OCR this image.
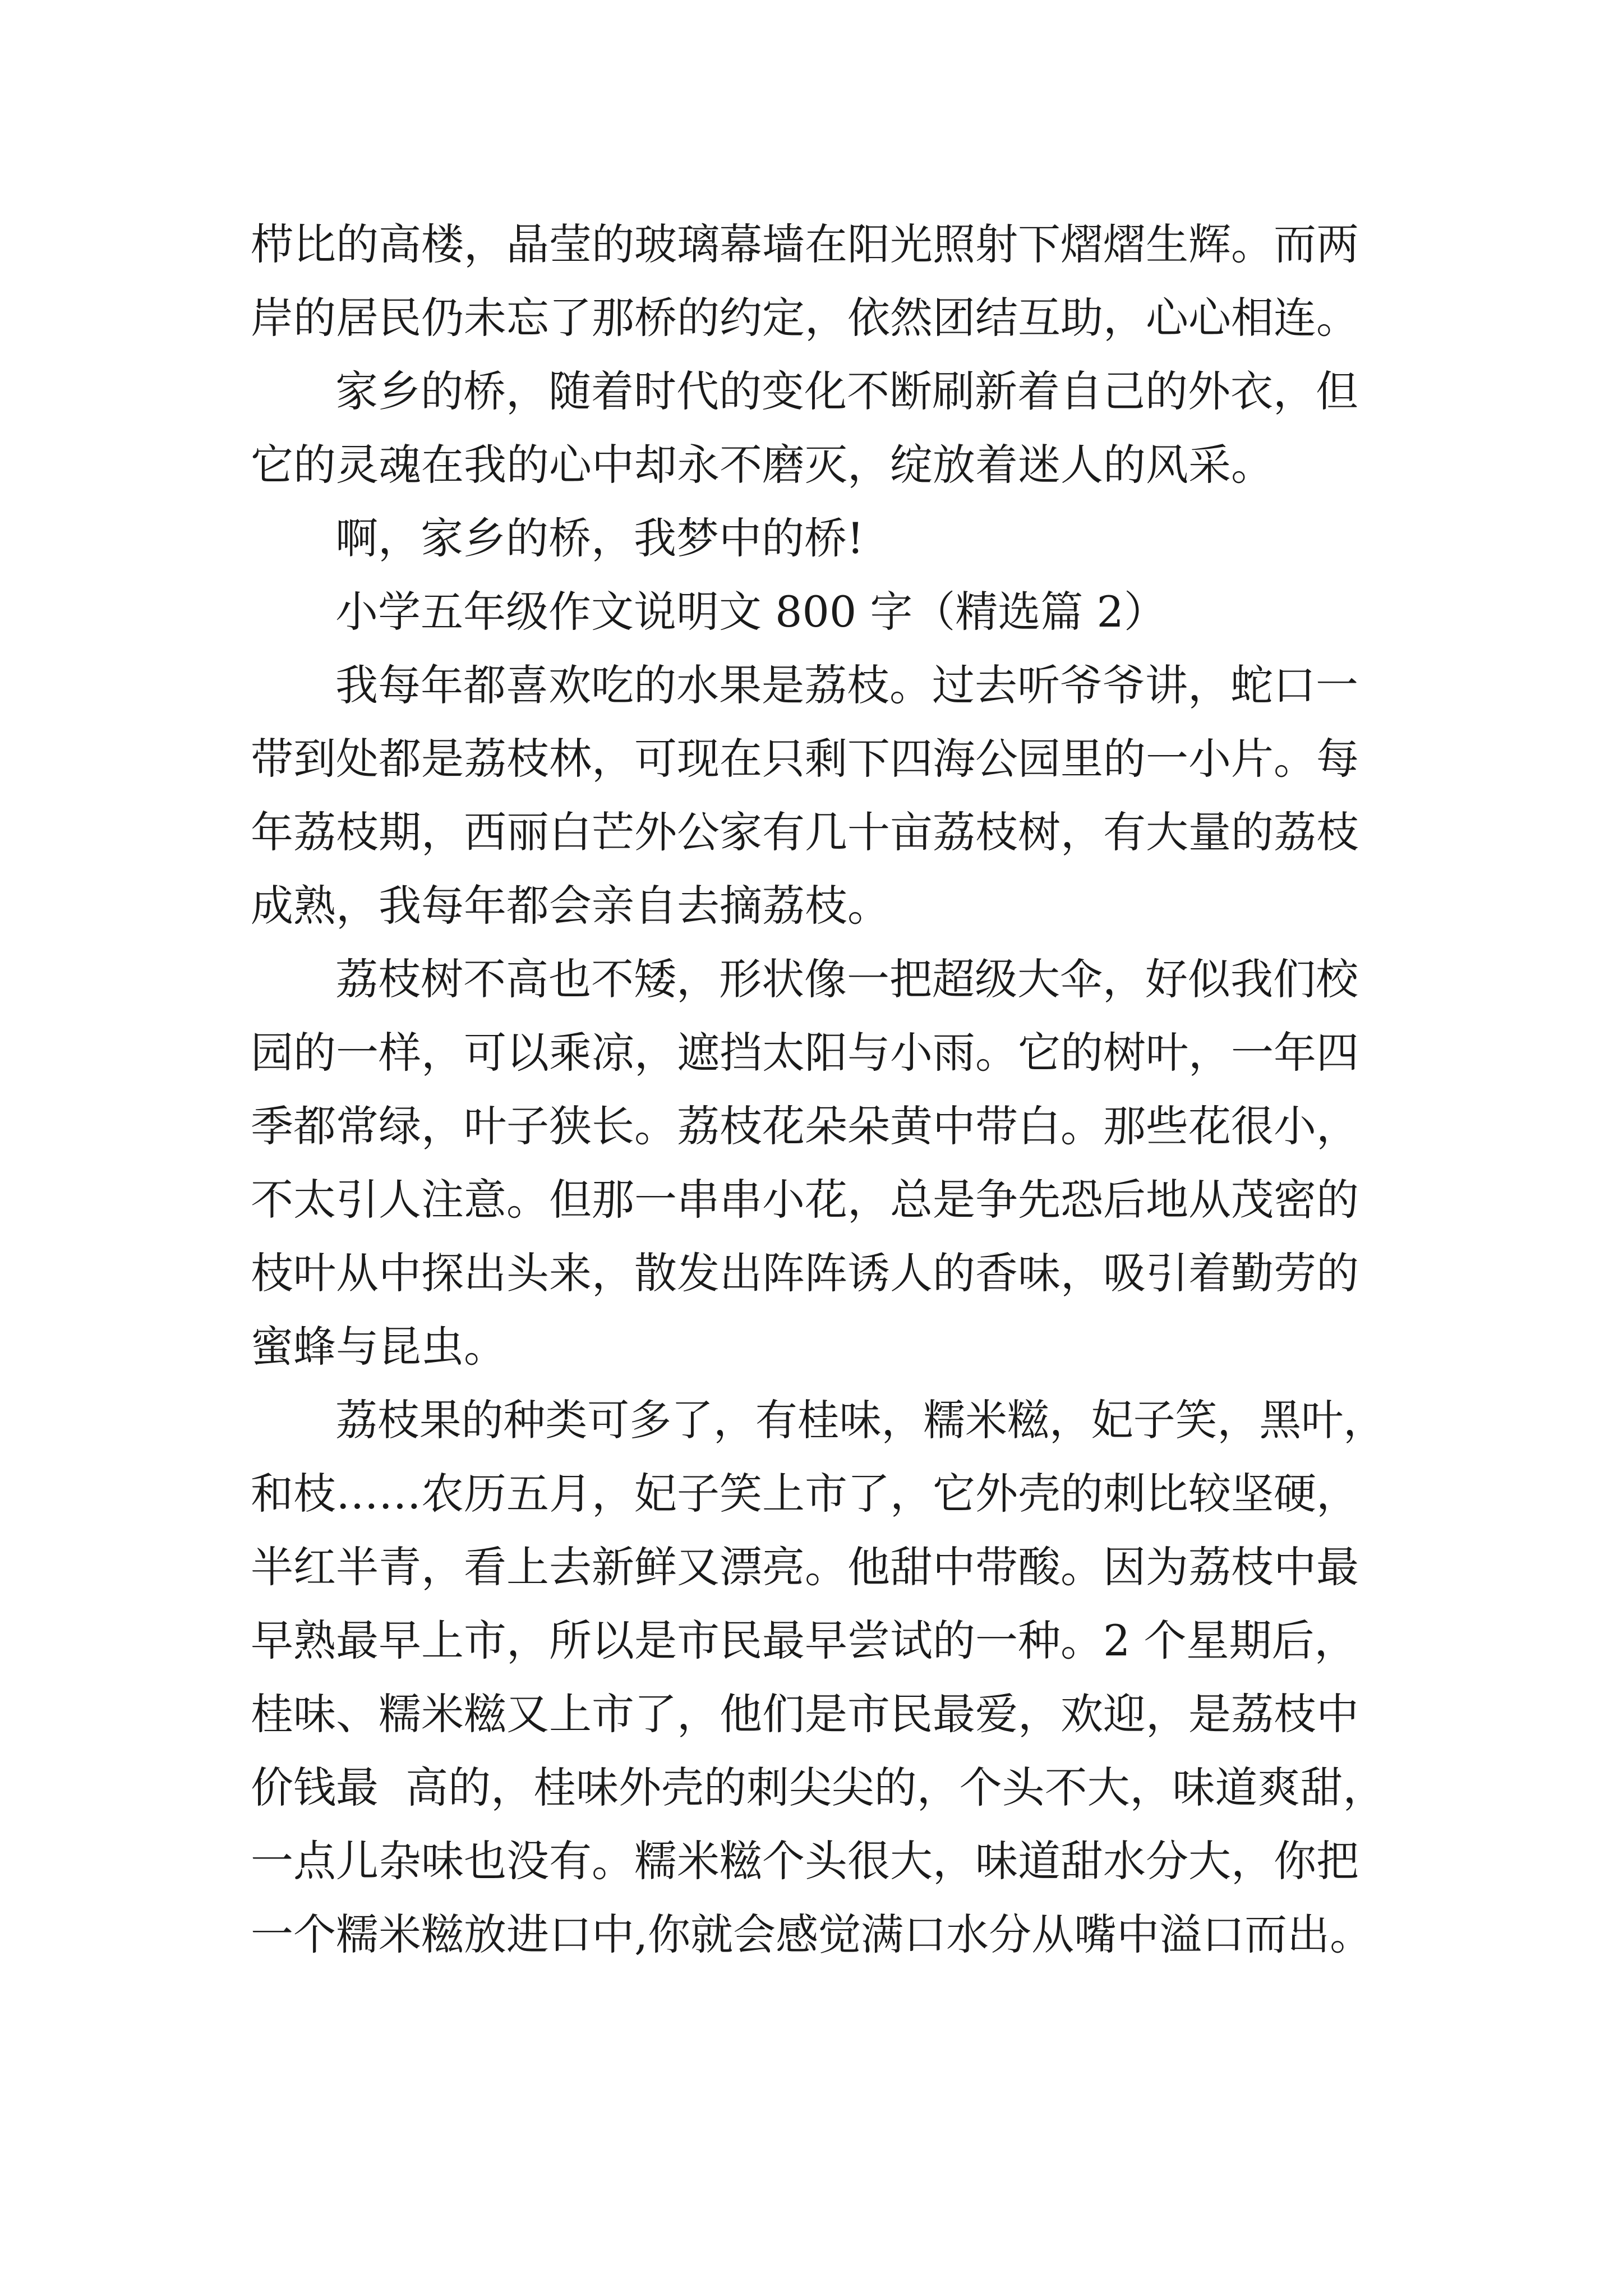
栉比的高楼，晶莹的玻璃幕墙在阳光照射下熠熠生辉。而两

岸的居民仍未忘了那桥的约定，依然团结互助，心心相连。

家乡的桥，随着时代的变化不断刷新着自己的外衣，但

它的灵魂在我的心中却永不磨灭，绽放着迷人的风采。

啊，家乡的桥，我梦中的桥!

小学五年级作文说明文 800 字（精选篇 2）

我每年都喜欢吃的水果是荔枝。过去听爷爷讲，蛇口一

带到处都是荔枝林，可现在只剩下四海公园里的一小片。每

年荔枝期，西丽白芒外公家有几十亩荔枝树，有大量的荔枝

成熟，我每年都会亲自去摘荔枝。

荔枝树不高也不矮，形状像一把超级大伞，好似我们校

园的一样，可以乘凉，遮挡太阳与小雨。它的树叶，一年四

季都常绿，叶子狭长。荔枝花朵朵黄中带白。那些花很小，

不太引人注意。但那一串串小花，总是争先恐后地从茂密的

枝叶从中探出头来，散发出阵阵诱人的香味，吸引着勤劳的

蜜蜂与昆虫。

荔枝果的种类可多了，有桂味，糯米糍，妃子笑，黑叶，

和枝……农历五月，妃子笑上市了，它外壳的刺比较坚硬，

半红半青，看上去新鲜又漂亮。他甜中带酸。因为荔枝中最

早熟最早上市，所以是市民最早尝试的一种。2 个星期后，

桂味、糯米糍又上市了，他们是市民最爱，欢迎，是荔枝中

价钱最  高的，桂味外壳的刺尖尖的，个头不大，味道爽甜，

一点儿杂味也没有。糯米糍个头很大，味道甜水分大，你把

一个糯米糍放进口中,你就会感觉满口水分从嘴中溢口而出。
